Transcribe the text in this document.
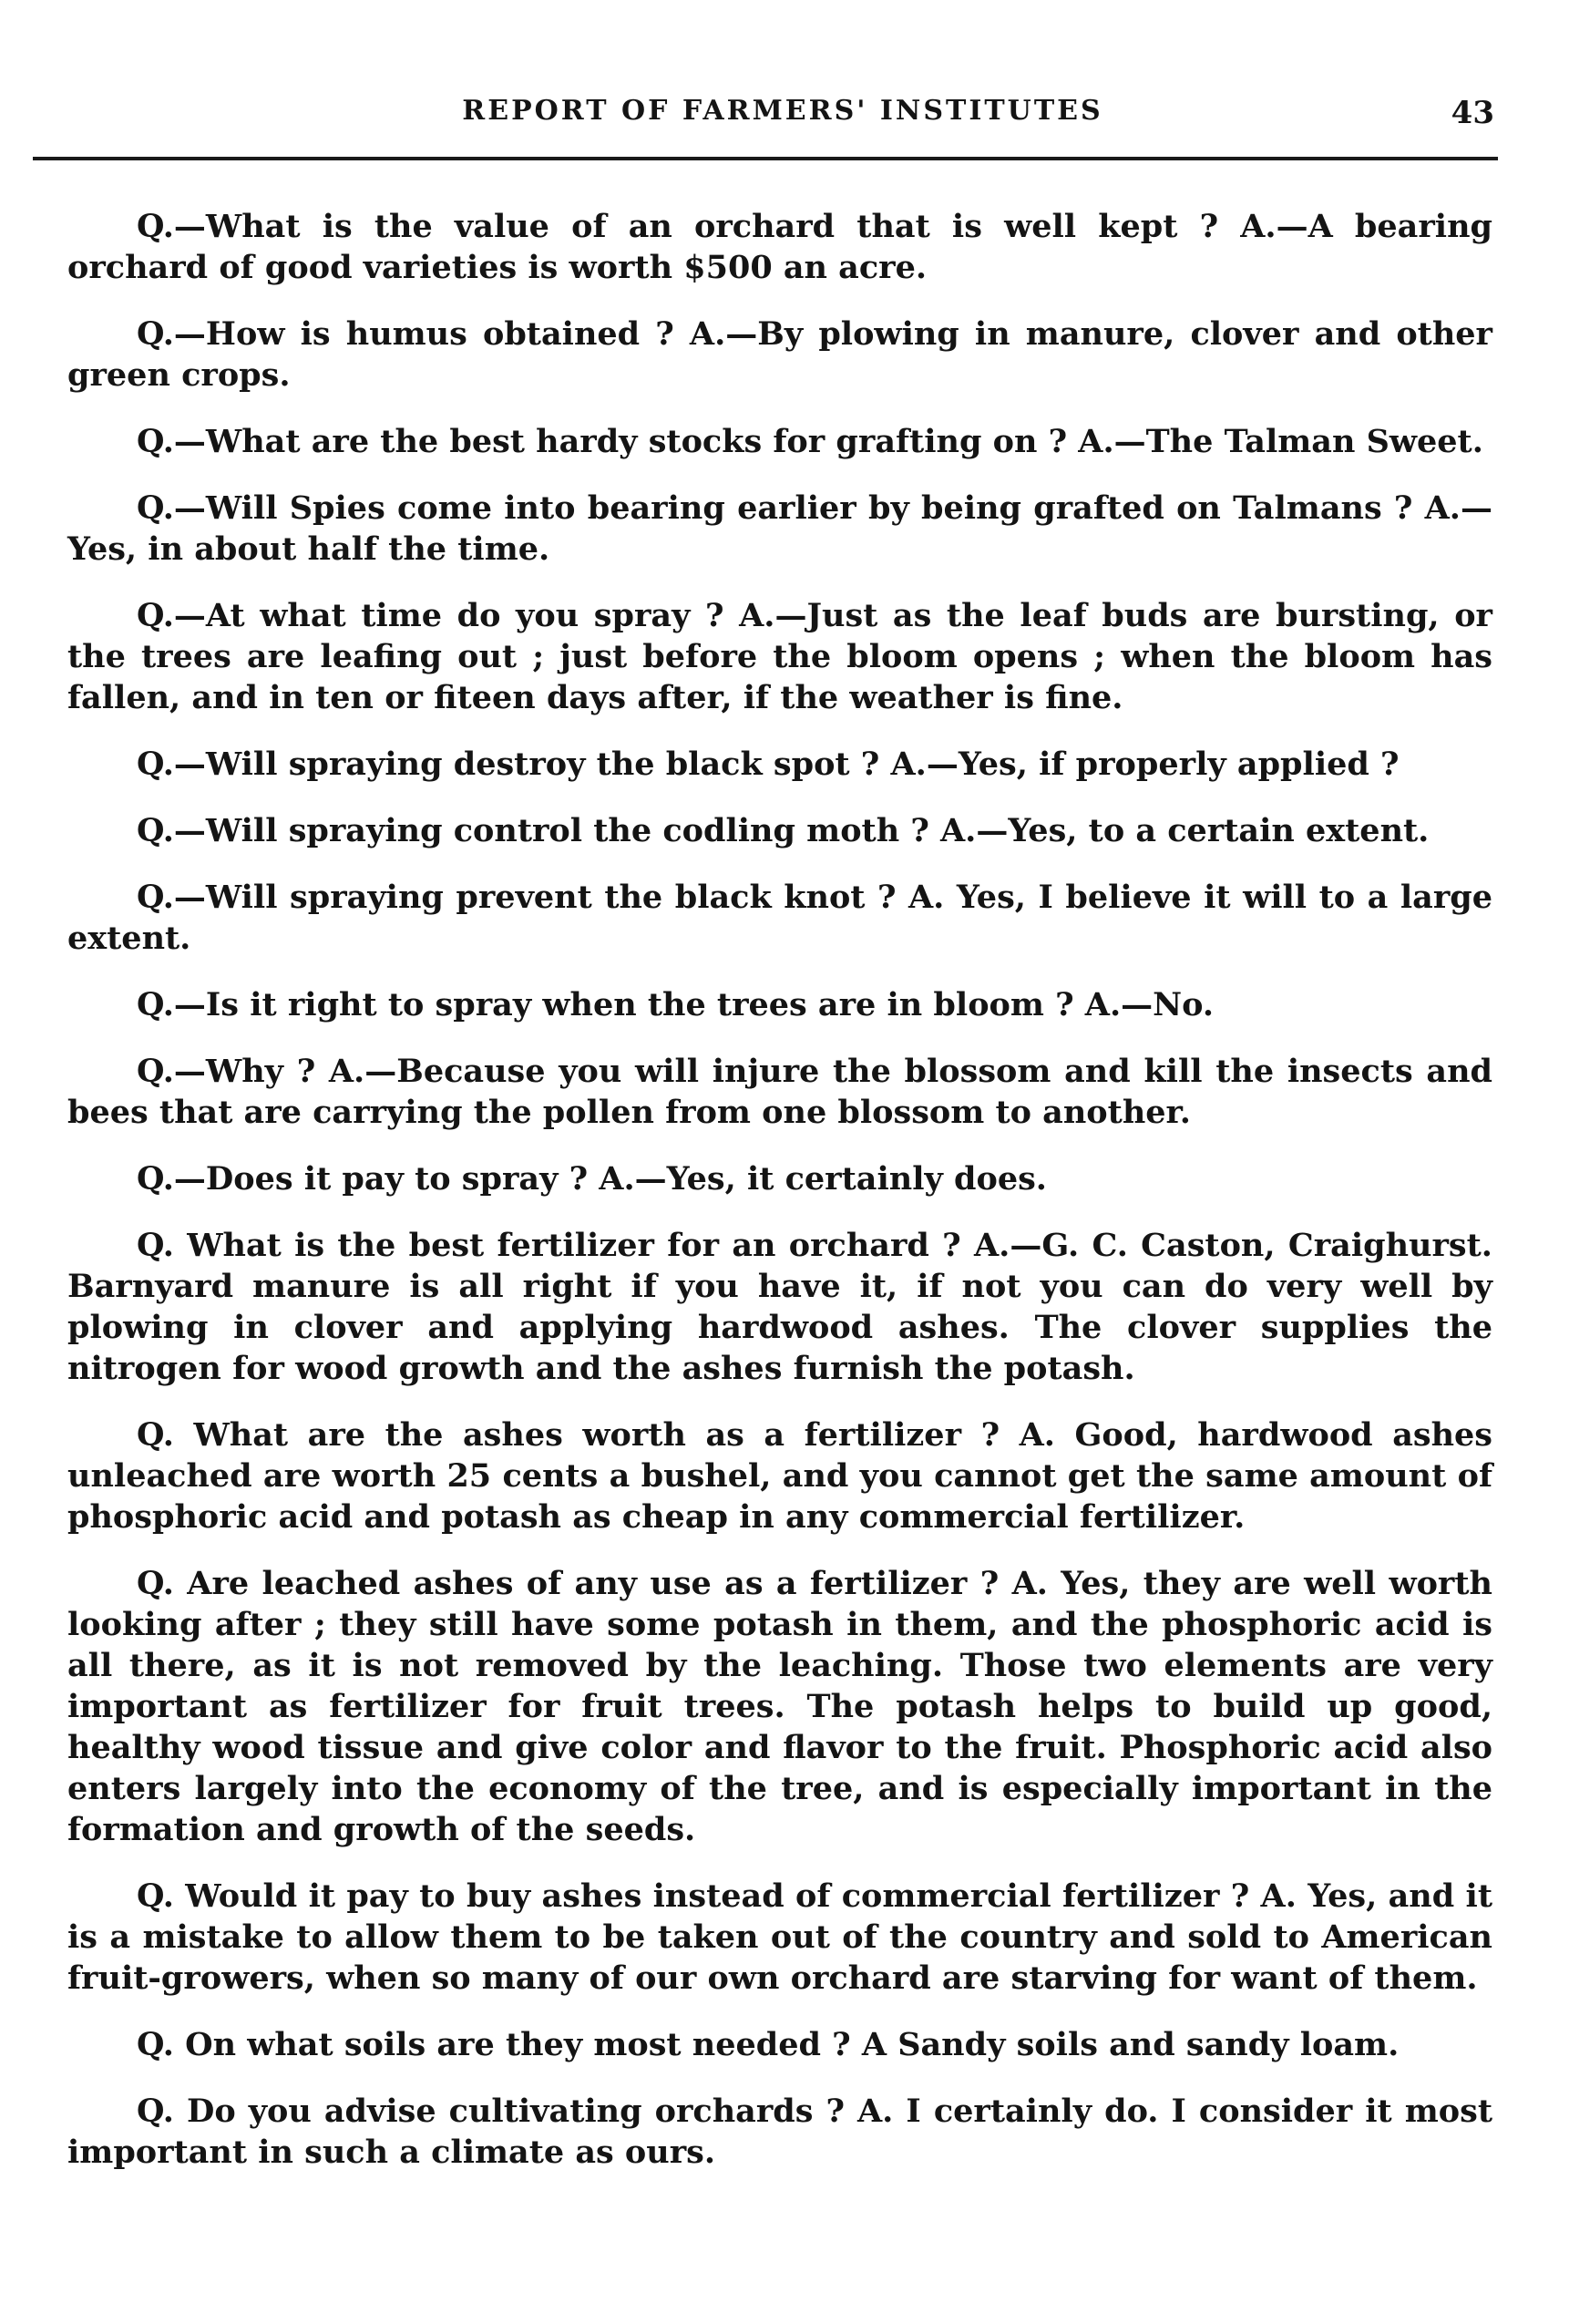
REPORT OF FARMERS' INSTITUTES	43

Q.—What is the value of an orchard that is well kept ? A.—A bearing orchard of good varieties is worth $500 an acre.

Q.—How is humus obtained ? A.—By plowing in manure, clover and other green crops.

Q.—What are the best hardy stocks for grafting on ? A.—The Talman Sweet.

Q.—Will Spies come into bearing earlier by being grafted on Talmans ? A.—Yes, in about half the time.

Q.—At what time do you spray ? A.—Just as the leaf buds are bursting, or the trees are leafing out ; just before the bloom opens ; when the bloom has fallen, and in ten or fiteen days after, if the weather is fine.

Q.—Will spraying destroy the black spot ? A.—Yes, if properly applied ?

Q.—Will spraying control the codling moth ? A.—Yes, to a certain extent.

Q.—Will spraying prevent the black knot ? A. Yes, I believe it will to a large extent.

Q.—Is it right to spray when the trees are in bloom ? A.—No.

Q.—Why ? A.—Because you will injure the blossom and kill the insects and bees that are carrying the pollen from one blossom to another.

Q.—Does it pay to spray ? A.—Yes, it certainly does.

Q. What is the best fertilizer for an orchard ? A.—G. C. Caston, Craighurst. Barnyard manure is all right if you have it, if not you can do very well by plowing in clover and applying hardwood ashes. The clover supplies the nitrogen for wood growth and the ashes furnish the potash.

Q. What are the ashes worth as a fertilizer ? A. Good, hardwood ashes unleached are worth 25 cents a bushel, and you cannot get the same amount of phosphoric acid and potash as cheap in any commercial fertilizer.

Q. Are leached ashes of any use as a fertilizer ? A. Yes, they are well worth looking after ; they still have some potash in them, and the phosphoric acid is all there, as it is not removed by the leaching. Those two elements are very important as fertilizer for fruit trees. The potash helps to build up good, healthy wood tissue and give color and flavor to the fruit. Phosphoric acid also enters largely into the economy of the tree, and is especially important in the formation and growth of the seeds.

Q. Would it pay to buy ashes instead of commercial fertilizer ? A. Yes, and it is a mistake to allow them to be taken out of the country and sold to American fruit-growers, when so many of our own orchard are starving for want of them.

Q. On what soils are they most needed ? A Sandy soils and sandy loam.

Q. Do you advise cultivating orchards ? A. I certainly do. I consider it most important in such a climate as ours.
